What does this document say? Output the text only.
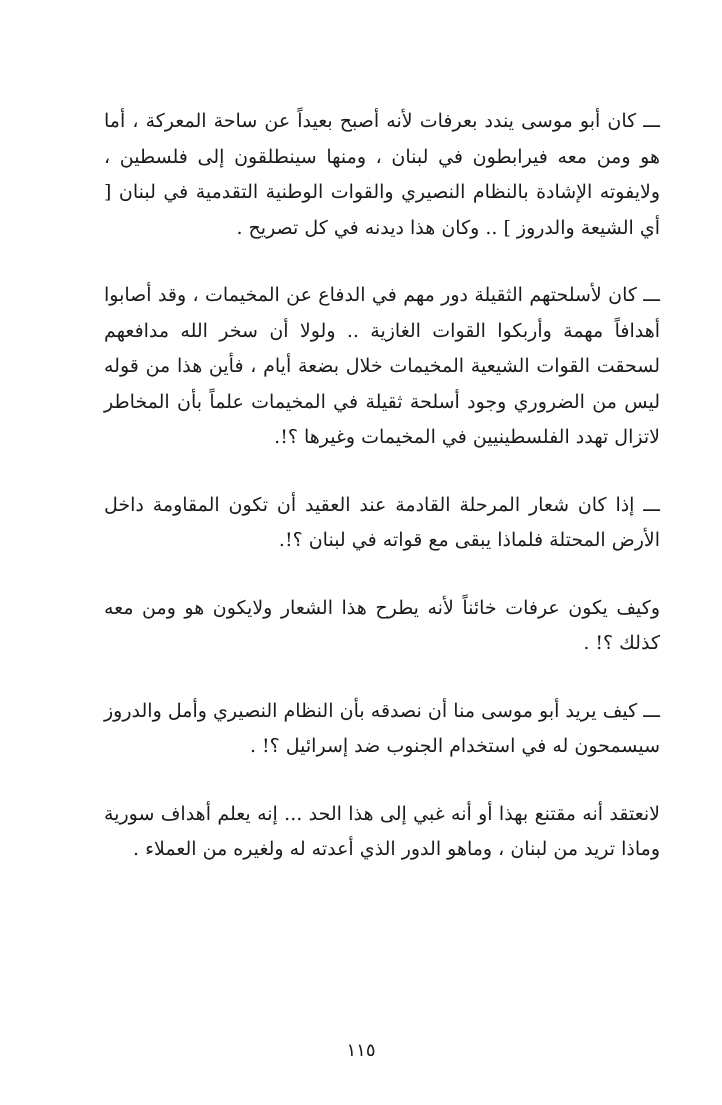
ـــ كان أبو موسى يندد بعرفات لأنه أصبح بعيداً عن ساحة المعركة ، أما هو ومن معه فيرابطون في لبنان ، ومنها سينطلقون إلى فلسطين ، ولايفوته الإشادة بالنظام النصيري والقوات الوطنية التقدمية في لبنان [ أي الشيعة والدروز ] .. وكان هذا ديدنه في كل تصريح .

ـــ كان لأسلحتهم الثقيلة دور مهم في الدفاع عن المخيمات ، وقد أصابوا أهدافاً مهمة وأربكوا القوات الغازية .. ولولا أن سخر الله مدافعهم لسحقت القوات الشيعية المخيمات خلال بضعة أيام ، فأين هذا من قوله ليس من الضروري وجود أسلحة ثقيلة في المخيمات علماً بأن المخاطر لاتزال تهدد الفلسطينيين في المخيمات وغيرها ؟!.

ـــ إذا كان شعار المرحلة القادمة عند العقيد أن تكون المقاومة داخل الأرض المحتلة فلماذا يبقى مع قواته في لبنان ؟!.

وكيف يكون عرفات خائناً لأنه يطرح هذا الشعار ولايكون هو ومن معه كذلك ؟! .

ـــ كيف يريد أبو موسى منا أن نصدقه بأن النظام النصيري وأمل والدروز سيسمحون له في استخدام الجنوب ضد إسرائيل ؟! .

لانعتقد أنه مقتنع بهذا أو أنه غبي إلى هذا الحد ... إنه يعلم أهداف سورية وماذا تريد من لبنان ، وماهو الدور الذي أعدته له ولغيره من العملاء .

١١٥
